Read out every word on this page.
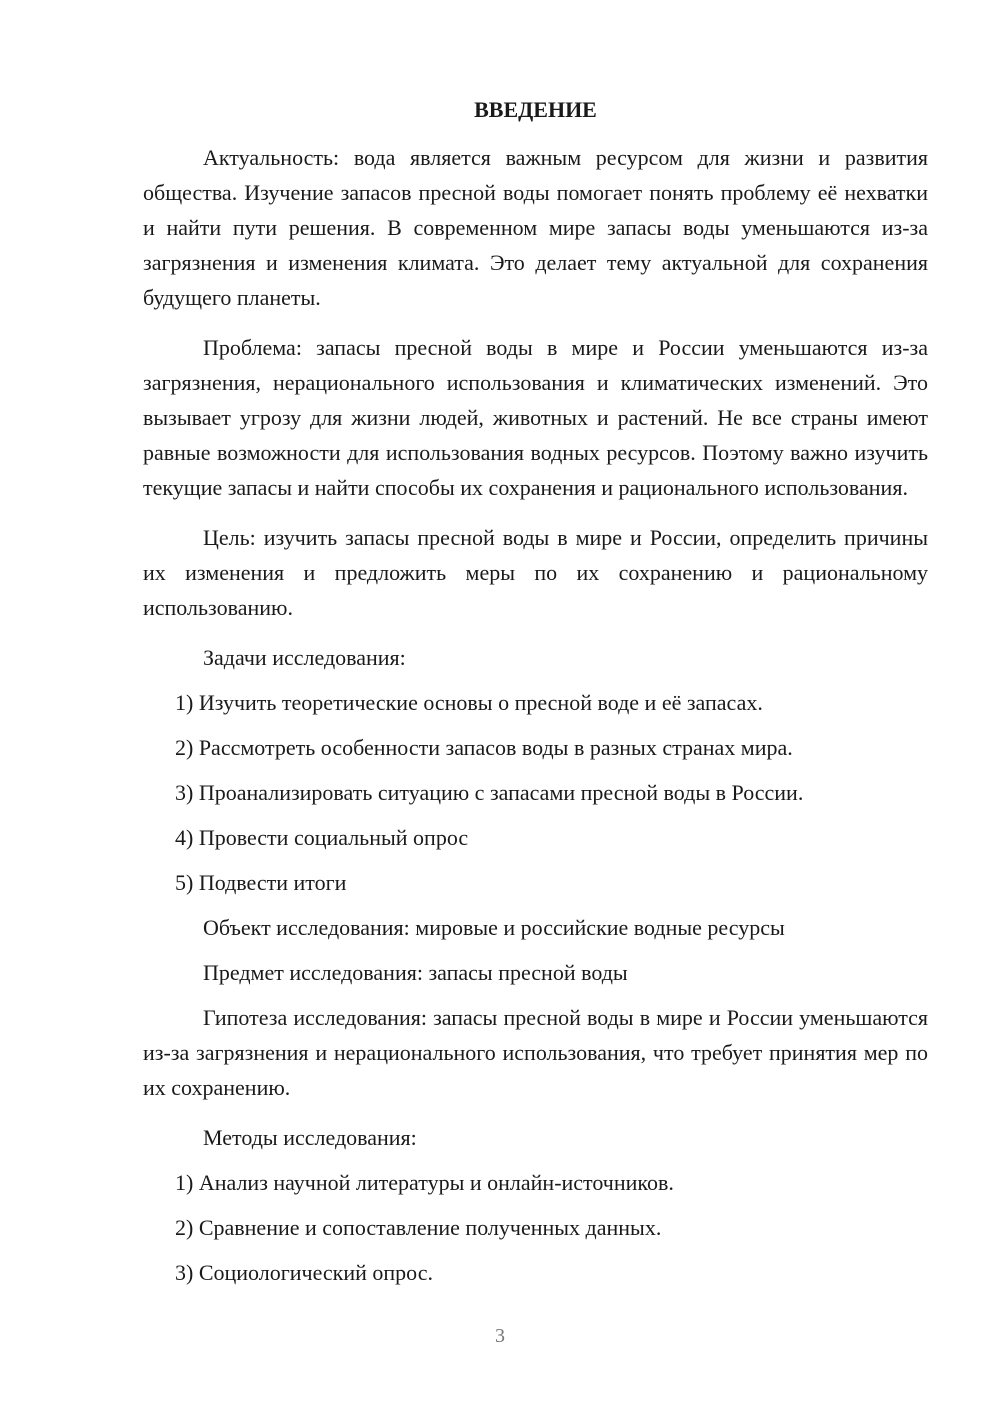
ВВЕДЕНИЕ

Актуальность: вода является важным ресурсом для жизни и развития общества. Изучение запасов пресной воды помогает понять проблему её нехватки и найти пути решения. В современном мире запасы воды уменьшаются из-за загрязнения и изменения климата. Это делает тему актуальной для сохранения будущего планеты.

Проблема: запасы пресной воды в мире и России уменьшаются из-за загрязнения, нерационального использования и климатических изменений. Это вызывает угрозу для жизни людей, животных и растений. Не все страны имеют равные возможности для использования водных ресурсов. Поэтому важно изучить текущие запасы и найти способы их сохранения и рационального использования.

Цель: изучить запасы пресной воды в мире и России, определить причины их изменения и предложить меры по их сохранению и рациональному использованию.

Задачи исследования:

1) Изучить теоретические основы о пресной воде и её запасах.

2) Рассмотреть особенности запасов воды в разных странах мира.

3) Проанализировать ситуацию с запасами пресной воды в России.

4) Провести социальный опрос

5) Подвести итоги

Объект исследования: мировые и российские водные ресурсы

Предмет исследования: запасы пресной воды

Гипотеза исследования: запасы пресной воды в мире и России уменьшаются из-за загрязнения и нерационального использования, что требует принятия мер по их сохранению.

Методы исследования:

1) Анализ научной литературы и онлайн-источников.

2) Сравнение и сопоставление полученных данных.

3) Социологический опрос.

3
